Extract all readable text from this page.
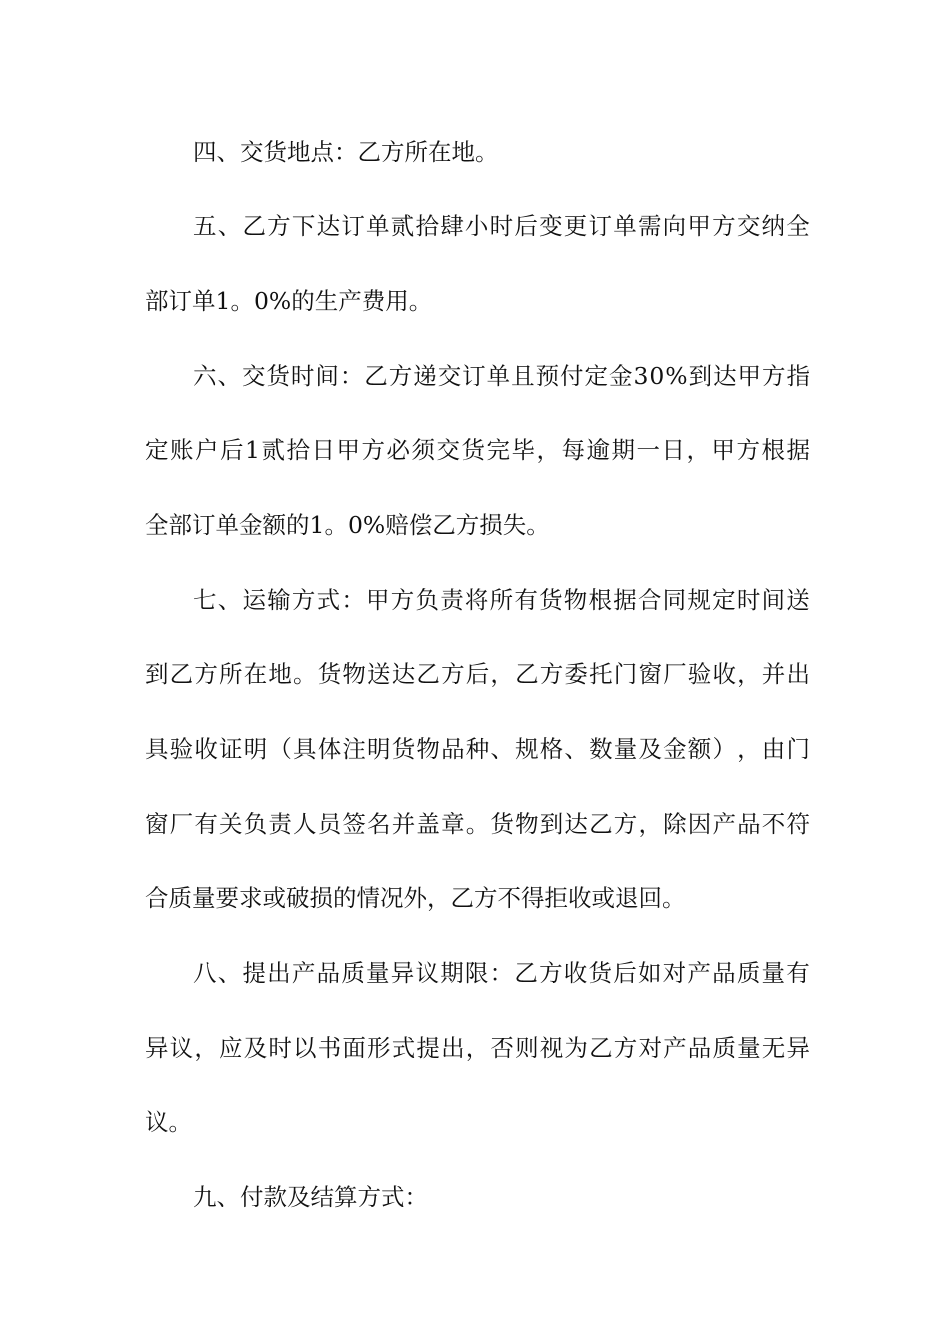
四、交货地点：乙方所在地。
五 、 乙 方 下 达 订 单 贰 拾 肆 小 时 后 变 更 订 单 需 向 甲 方 交 纳 全
部订单1。0%的生产费用。
六 、 交 货 时 间 ： 乙 方 递 交 订 单 且 预 付 定 金 3 0 % 到 达 甲 方 指
定 账 户 后 1 贰 拾 日 甲 方 必 须 交 货 完 毕 ， 每 逾 期 一 日 ， 甲 方 根 据
全部订单金额的1。0%赔偿乙方损失。
七 、 运 输 方 式 ： 甲 方 负 责 将 所 有 货 物 根 据 合 同 规 定 时 间 送
到 乙 方 所 在 地 。 货 物 送 达 乙 方 后 ， 乙 方 委 托 门 窗 厂 验 收 ， 并 出
具 验 收 证 明 （ 具 体 注 明 货 物 品 种 、 规 格 、 数 量 及 金 额 ） ， 由 门
窗 厂 有 关 负 责 人 员 签 名 并 盖 章 。 货 物 到 达 乙 方 ， 除 因 产 品 不 符
合质量要求或破损的情况外，乙方不得拒收或退回。
八 、 提 出 产 品 质 量 异 议 期 限 ： 乙 方 收 货 后 如 对 产 品 质 量 有
异 议 ， 应 及 时 以 书 面 形 式 提 出 ， 否 则 视 为 乙 方 对 产 品 质 量 无 异
议。
九、付款及结算方式：
